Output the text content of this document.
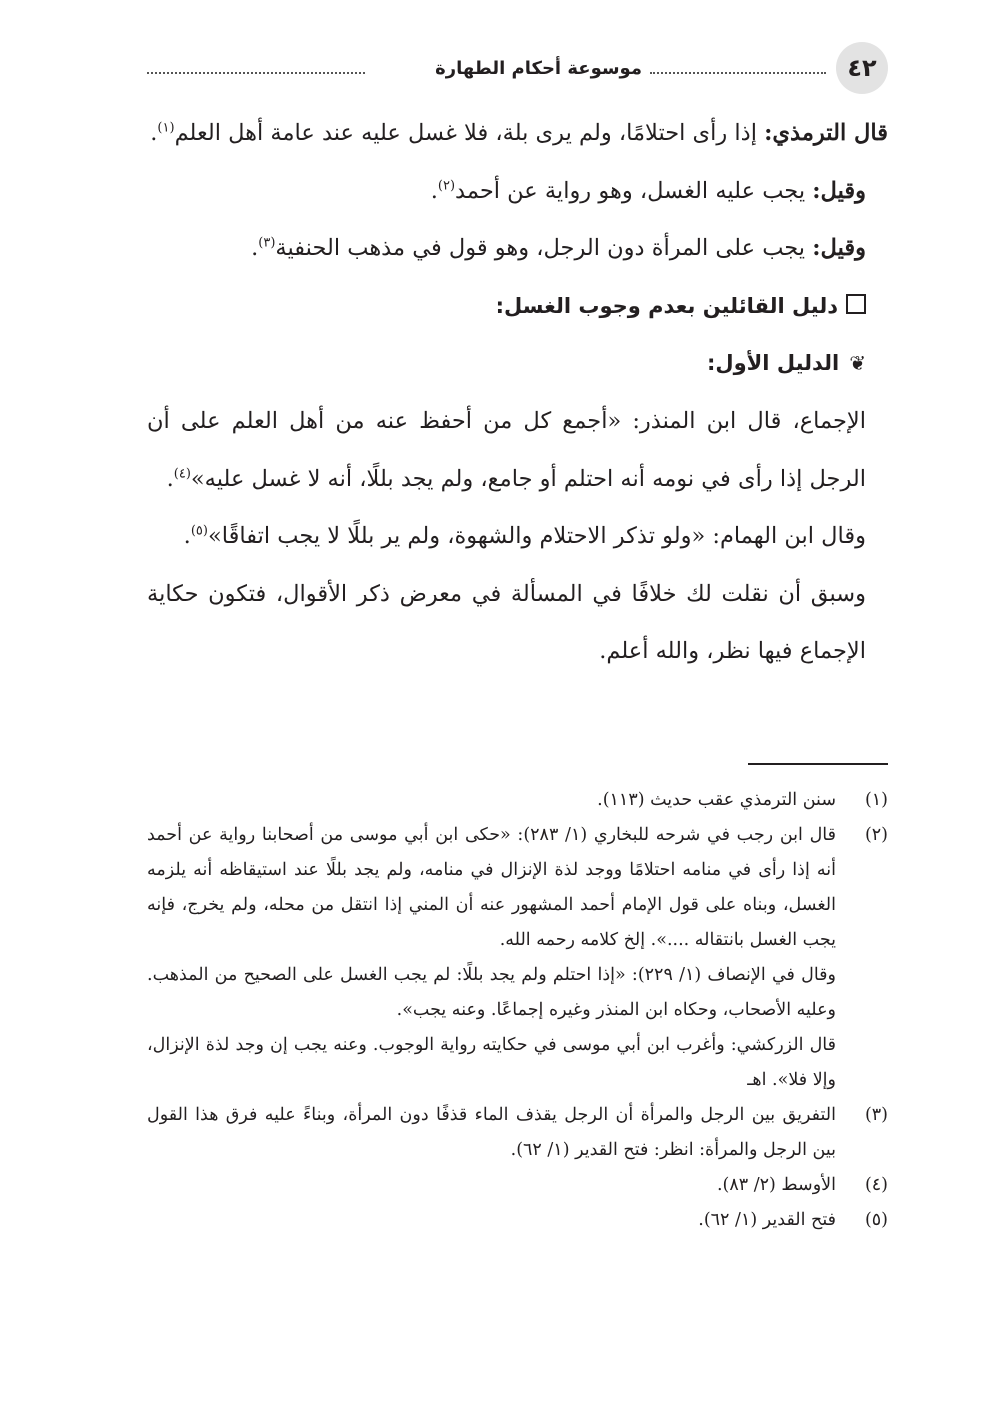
٤٢
موسوعة أحكام الطهارة

قال الترمذي: إذا رأى احتلامًا، ولم يرى بلة، فلا غسل عليه عند عامة أهل العلم$^{(١)}$.

وقيل: يجب عليه الغسل، وهو رواية عن أحمد$^{(٢)}$.

وقيل: يجب على المرأة دون الرجل، وهو قول في مذهب الحنفية$^{(٣)}$.

دليل القائلين بعدم وجوب الغسل:

❦الدليل الأول:

الإجماع، قال ابن المنذر: «أجمع كل من أحفظ عنه من أهل العلم على أن الرجل إذا رأى في نومه أنه احتلم أو جامع، ولم يجد بللًا، أنه لا غسل عليه»$^{(٤)}$.

وقال ابن الهمام: «ولو تذكر الاحتلام والشهوة، ولم ير بللًا لا يجب اتفاقًا»$^{(٥)}$.

وسبق أن نقلت لك خلافًا في المسألة في معرض ذكر الأقوال، فتكون حكاية الإجماع فيها نظر، والله أعلم.

(١)

سنن الترمذي عقب حديث (١١٣).

(٢)

قال ابن رجب في شرحه للبخاري (١/ ٢٨٣): «حكى ابن أبي موسى من أصحابنا رواية عن أحمد أنه إذا رأى في منامه احتلامًا ووجد لذة الإنزال في منامه، ولم يجد بللًا عند استيقاظه أنه يلزمه الغسل، وبناه على قول الإمام أحمد المشهور عنه أن المني إذا انتقل من محله، ولم يخرج، فإنه يجب الغسل بانتقاله ....». إلخ كلامه رحمه الله.

وقال في الإنصاف (١/ ٢٢٩): «إذا احتلم ولم يجد بللًا: لم يجب الغسل على الصحيح من المذهب. وعليه الأصحاب، وحكاه ابن المنذر وغيره إجماعًا. وعنه يجب».

قال الزركشي: وأغرب ابن أبي موسى في حكايته رواية الوجوب. وعنه يجب إن وجد لذة الإنزال، وإلا فلا». اهـ

(٣)

التفريق بين الرجل والمرأة أن الرجل يقذف الماء قذفًا دون المرأة، وبناءً عليه فرق هذا القول بين الرجل والمرأة: انظر: فتح القدير (١/ ٦٢).

(٤)

الأوسط (٢/ ٨٣).

(٥)

فتح القدير (١/ ٦٢).
